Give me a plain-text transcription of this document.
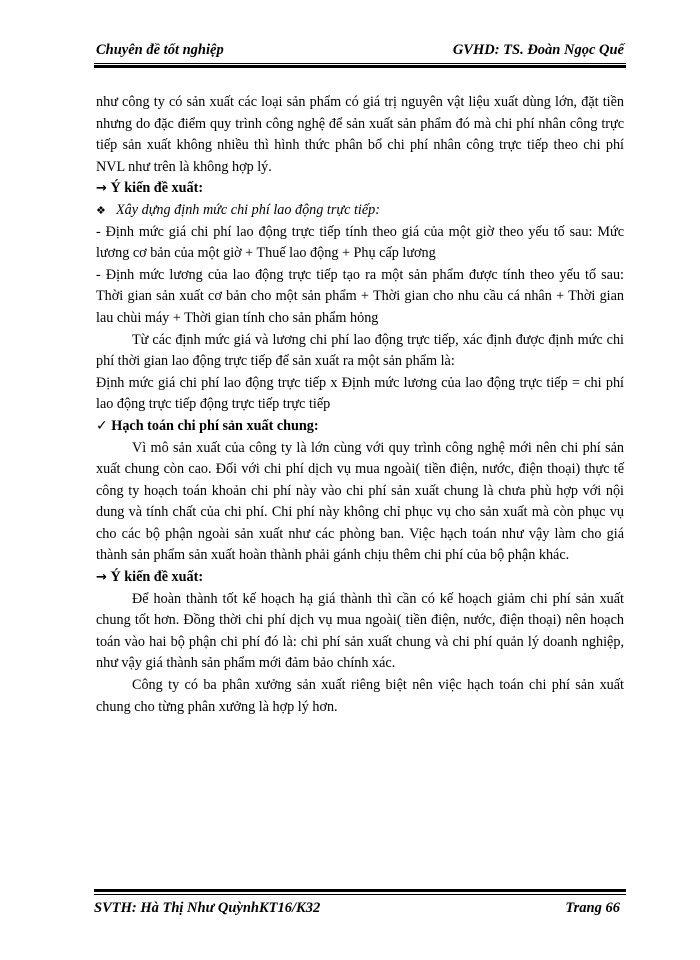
Chuyên đề tốt nghiệp	GVHD: TS. Đoàn Ngọc Quế

như công ty có sản xuất các loại sản phẩm có giá trị nguyên vật liệu xuất dùng lớn, đặt tiền nhưng do đặc điểm quy trình công nghệ để sản xuất sản phẩm đó mà chi phí nhân công trực tiếp sản xuất không nhiều thì hình thức phân bổ chi phí nhân công trực tiếp theo chi phí NVL như trên là không hợp lý.

→ Ý kiến đề xuất:

❖ Xây dựng định mức chi phí lao động trực tiếp:

- Định mức giá chi phí lao động trực tiếp tính theo giá của một giờ theo yếu tố sau: Mức lương cơ bản của một giờ + Thuế lao động + Phụ cấp lương

- Định mức lương của lao động trực tiếp tạo ra một sản phẩm được tính theo yếu tố sau: Thời gian sản xuất cơ bản cho một sản phẩm + Thời gian cho nhu cầu cá nhân + Thời gian lau chùi máy + Thời gian tính cho sản phẩm hỏng

Từ các định mức giá và lương chi phí lao động trực tiếp, xác định được định mức chi phí thời gian lao động trực tiếp để sản xuất ra một sản phẩm là:

Định mức giá chi phí lao động trực tiếp x Định mức lương của lao động trực tiếp = chi phí lao động trực tiếp động trực tiếp trực tiếp

✓ Hạch toán chi phí sản xuất chung:

Vì mô sản xuất của công ty là lớn cùng với quy trình công nghệ mới nên chi phí sản xuất chung còn cao. Đối với chi phí dịch vụ mua ngoài( tiền điện, nước, điện thoại) thực tế công ty hoạch toán khoản chi phí này vào chi phí sản xuất chung là chưa phù hợp với nội dung và tính chất của chi phí. Chi phí này không chỉ phục vụ cho sản xuất mà còn phục vụ cho các bộ phận ngoài sản xuất như các phòng ban. Việc hạch toán như vậy làm cho giá thành sản phẩm sản xuất hoàn thành phải gánh chịu thêm chi phí của bộ phận khác.

→ Ý kiến đề xuất:

Để hoàn thành tốt kế hoạch hạ giá thành thì cần có kế hoạch giảm chi phí sản xuất chung tốt hơn. Đồng thời chi phí dịch vụ mua ngoài( tiền điện, nước, điện thoại) nên hoạch toán vào hai bộ phận chi phí đó là: chi phí sản xuất chung và chi phí quản lý doanh nghiệp, như vậy giá thành sản phẩm mới đảm bảo chính xác.

Công ty có ba phân xưởng sản xuất riêng biệt nên việc hạch toán chi phí sản xuất chung cho từng phân xưởng là hợp lý hơn.

SVTH: Hà Thị Như QuỳnhKT16/K32	Trang 66
